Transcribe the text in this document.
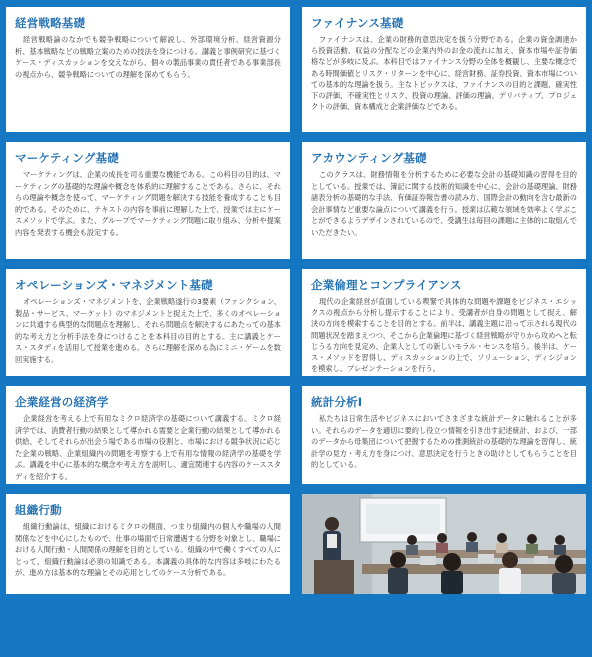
経営戦略基礎

経営戦略論のなかでも競争戦略について解説し、外部環境分析、経営資源分析、基本戦略などの戦略立案のための技法を身につける。講義と事例研究に基づくケース・ディスカッションを交えながら、個々の製品事業の責任者である事業部長の視点から、競争戦略についての理解を深めてもらう。

ファイナンス基礎

ファイナンスは、企業の財務的意思決定を扱う分野である。企業の資金調達から投資活動、収益の分配などの企業内外のお金の流れに加え、資本市場や証券価格などが多岐に及ぶ。本科目ではファイナンス分野の全体を概観し、主要な概念である時間価値とリスク・リターンを中心に、経営財務、証券投資、資本市場についての基本的な理論を扱う。主なトピックスは、ファイナンスの目的と課題、確実性下の評価、不確実性とリスク、投資の理論、評価の理論、デリバティブ、プロジェクトの評価、資本構成と企業評価などである。

マーケティング基礎

マーケティングは、企業の成長を司る重要な機能である。この科目の目的は、マーケティングの基礎的な理論や概念を体系的に理解することである。さらに、それらの理論や概念を使って、マーケティング問題を解決する技能を養成することも目的である。そのために、テキストの内容を事前に理解した上で、授業では主にケースメソッドで学ぶ。また、グループでマーケティング問題に取り組み、分析や提案内容を発表する機会も設定する。

アカウンティング基礎

このクラスは、財務情報を分析するために必要な会計の基礎知識の習得を目的としている。授業では、簿記に関する技術的知識を中心に、会計の基礎理論、財務諸表分析の基礎的な手法、有価証券報告書の読み方、国際会計の動向を含む最新の会計事情など重要な論点について講義を行う。授業は広範な領域を効率よく学ぶことができるようデザインされているので、受講生は毎回の課題に主体的に取組んでいただきたい。

オペレーションズ・マネジメント基礎

オペレーションズ・マネジメントを、企業戦略遂行の3要素（ファンクション、製品・サービス、マーケット）のマネジメントと捉えた上で、多くのオペレーションに共通する典型的な問題点を理解し、それら問題点を解決するにあたっての基本的な考え方と分析手法を身につけることを本科目の目的とする。主に講義とケース・スタディを活用して授業を進める。さらに理解を深める為にミニ・ゲームを数回実施する。

企業倫理とコンプライアンス

現代の企業経営が直面している喫緊で具体的な問題や課題をビジネス・エシックスの視点から分析し提示することにより、受講者が自身の問題として捉え、解決の方向を模索することを目的とする。前半は、講義主題に沿って示される現代の問題状況を踏まえつつ、そこから企業倫理に基づく経営戦略が守りから攻めへと転じうる方向を見定め、企業人としての新しいモラル・センスを培う。後半は、ケース・メソッドを習得し、ディスカッションの上で、ソリューション、ディシジョンを模索し、プレゼンテーションを行う。

企業経営の経済学

企業経営を考える上で有用なミクロ経済学の基礎について講義する。ミクロ経済学では、消費者行動の結果として導かれる需要と企業行動の結果として導かれる供給、そしてそれらが出会う場である市場の役割と、市場における競争状況に応じた企業の戦略、企業組織内の問題を考察する上で有用な情報の経済学の基礎を学ぶ。講義を中心に基本的な概念や考え方を説明し、適宜関連する内容のケーススタディを紹介する。

統計分析Ⅰ

私たちは日常生活やビジネスにおいてさまざまな統計データに触れることが多い。それらのデータを適切に要約し役立つ情報を引き出す記述統計、および、一部のデータから母集団について把握するための推測統計の基礎的な理論を習得し、統計学の見方・考え方を身につけ、意思決定を行うときの助けとしてもらうことを目的としている。

組織行動

組織行動論は、組織におけるミクロの側面、つまり組織内の個人や職場の人間関係などを中心にしたもので、仕事の場面で日常遭遇する分野を対象とし、職場における人間行動・人間関係の理解を目的としている。組織の中で働くすべての人にとって、組織行動論は必須の知識である。本講義の具体的な内容は多岐にわたるが、進め方は基本的な理論とその応用としてのケース分析である。
